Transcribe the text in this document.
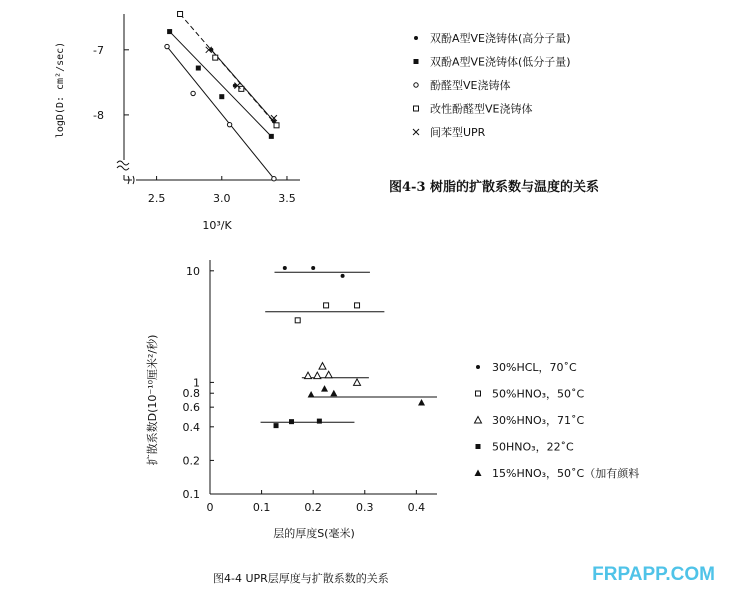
-7
-8
2.5	3.0	3.5
10³/K
logD(D: cm²/sec)
双酚A型VE浇铸体(高分子量)
双酚A型VE浇铸体(低分子量)
酚醛型VE浇铸体
改性酚醛型VE浇铸体
间苯型UPR
图4-3 树脂的扩散系数与温度的关系
10
1
0.8
0.6
0.4
0.2
0.1
0	0.1	0.2	0.3	0.4
层的厚度S(毫米)
扩散系数D(10⁻¹⁰厘米²/秒)	30%HCL，70˚C
50%HNO₃，50˚C
30%HNO₃，71˚C
50HNO₃，22˚C
15%HNO₃，50˚C（加有颜料
图4-4 UPR层厚度与扩散系数的关系	FRPAPP.COM
